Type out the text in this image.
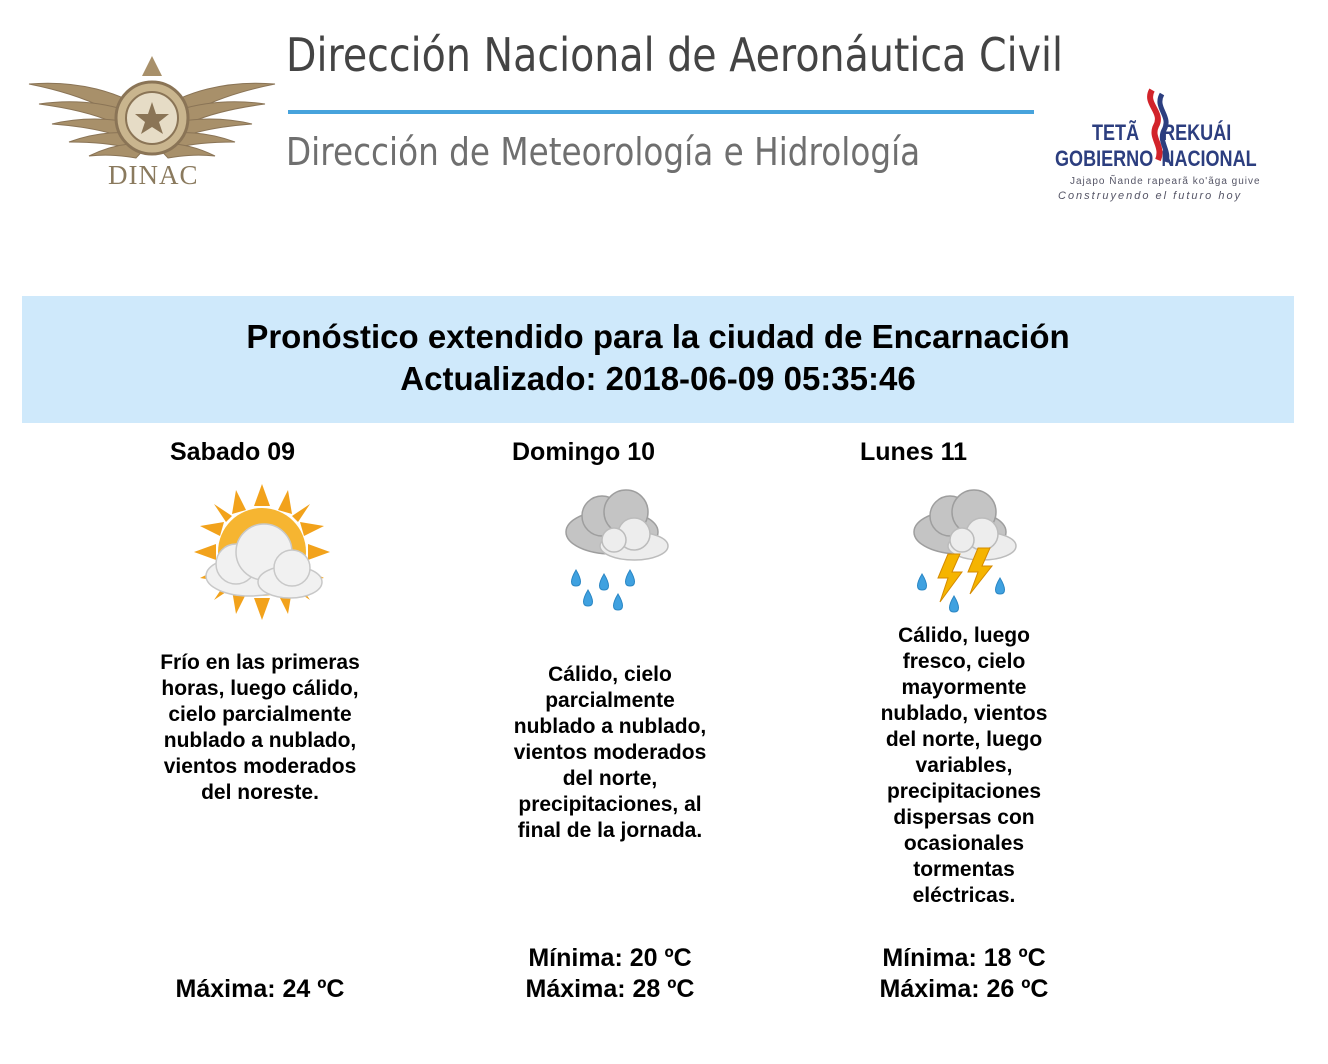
DINAC
Dirección Nacional de Aeronáutica Civil
Dirección de Meteorología e Hidrología	TETÃ REKUÁI
GOBIERNO NACIONAL
Jajapo Ñande rapearã ko'ãga guive
Construyendo el futuro hoy
Pronóstico extendido para la ciudad de Encarnación
Actualizado: 2018-06-09 05:35:46
Sabado 09
Frío en las primeras horas, luego cálido, cielo parcialmente nublado a nublado, vientos moderados del noreste.
Máxima: 24 ºC
Domingo 10
Cálido, cielo parcialmente nublado a nublado, vientos moderados del norte, precipitaciones, al final de la jornada.
Mínima: 20 ºC
Máxima: 28 ºC
Lunes 11
Cálido, luego fresco, cielo mayormente nublado, vientos del norte, luego variables, precipitaciones dispersas con ocasionales tormentas eléctricas.
Mínima: 18 ºC
Máxima: 26 ºC
